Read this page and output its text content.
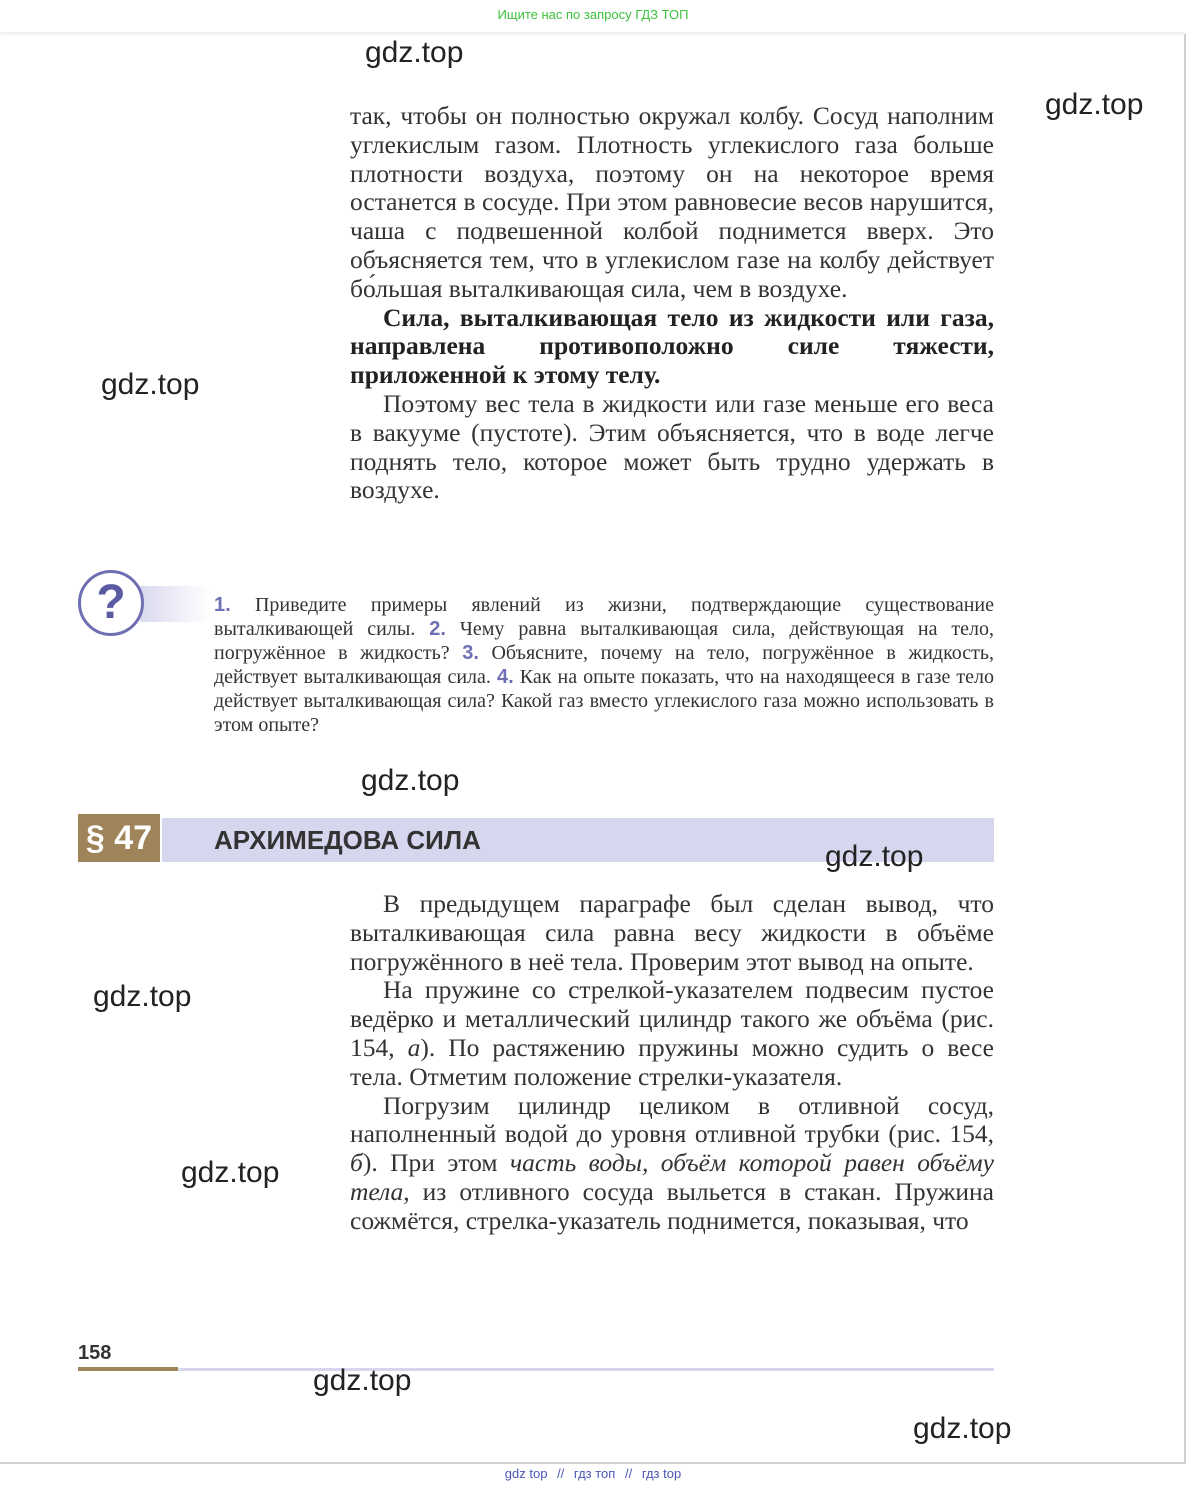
Ищите нас по запросу ГДЗ ТОП

так, чтобы он полностью окружал колбу. Сосуд наполним углекислым газом. Плотность углекислого газа больше плотности воздуха, поэтому он на некоторое время останется в сосуде. При этом равновесие весов нарушится, чаша с подвешенной колбой поднимется вверх. Это объясняется тем, что в углекислом газе на колбу действует бо́льшая выталкивающая сила, чем в воздухе.

Сила, выталкивающая тело из жидкости или газа, направлена противоположно силе тяжести, приложенной к этому телу.

Поэтому вес тела в жидкости или газе меньше его веса в вакууме (пустоте). Этим объясняется, что в воде легче поднять тело, которое может быть трудно удержать в воздухе.

?	1. Приведите примеры явлений из жизни, подтверждающие существование выталкивающей силы. 2. Чему равна выталкивающая сила, действующая на тело, погружённое в жидкость? 3. Объясните, почему на тело, погружённое в жидкость, действует выталкивающая сила. 4. Как на опыте показать, что на находящееся в газе тело действует выталкивающая сила? Какой газ вместо углекислого газа можно использовать в этом опыте?

§ 47	АРХИМЕДОВА СИЛА

В предыдущем параграфе был сделан вывод, что выталкивающая сила равна весу жидкости в объёме погружённого в неё тела. Проверим этот вывод на опыте.

На пружине со стрелкой-указателем подвесим пустое ведёрко и металлический цилиндр такого же объёма (рис. 154, а). По растяжению пружины можно судить о весе тела. Отметим положение стрелки-указателя.

Погрузим цилиндр целиком в отливной сосуд, наполненный водой до уровня отливной трубки (рис. 154, б). При этом часть воды, объём которой равен объёму тела, из отливного сосуда выльется в стакан. Пружина сожмётся, стрелка-указатель поднимется, показывая, что

158
gdz.top
gdz.top
gdz.top
gdz.top
gdz.top
gdz.top
gdz.top
gdz.top
gdz.top
gdz top // гдз топ // гдз top
